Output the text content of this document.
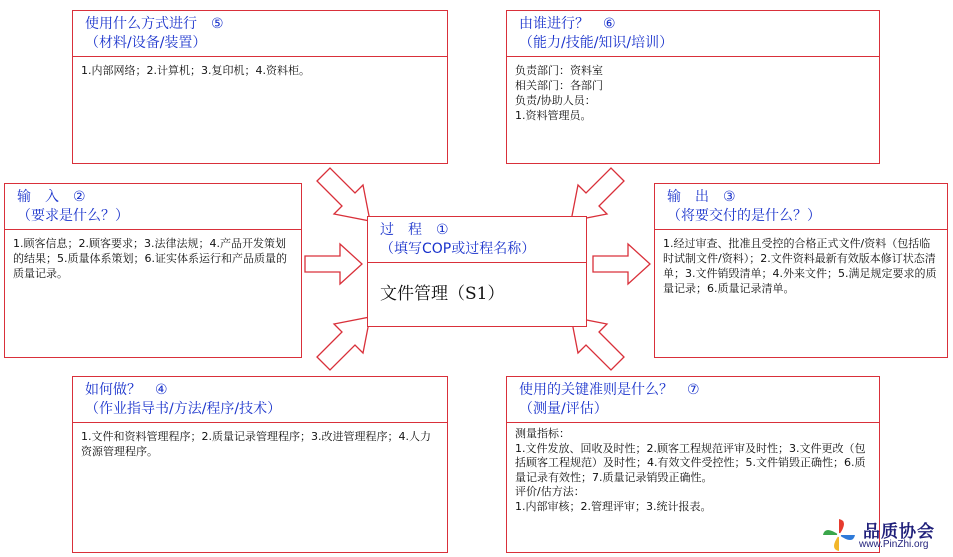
使用什么方式进行　⑤
（材料/设备/装置）
1.内部网络；2.计算机；3.复印机；4.资料柜。
由谁进行？　⑥
（能力/技能/知识/培训）
负责部门：资料室
相关部门：各部门
负责/协助人员：
1.资料管理员。
输　入　②
（要求是什么？）
1.顾客信息；2.顾客要求；3.法律法规；4.产品开发策划的结果；5.质量体系策划；6.证实体系运行和产品质量的质量记录。
过　程　①
（填写COP或过程名称）
文件管理（S1）
输　出　③
（将要交付的是什么？）
1.经过审查、批准且受控的合格正式文件/资料（包括临时试制文件/资料）；2.文件资料最新有效版本修订状态清单；3.文件销毁清单；4.外来文件；5.满足规定要求的质量记录；6.质量记录清单。
如何做？　④
（作业指导书/方法/程序/技术）
1.文件和资料管理程序；2.质量记录管理程序；3.改进管理程序；4.人力资源管理程序。
使用的关键准则是什么？　⑦
（测量/评估）
测量指标：
1.文件发放、回收及时性；2.顾客工程规范评审及时性；3.文件更改（包括顾客工程规范）及时性；4.有效文件受控性；5.文件销毁正确性；6.质量记录有效性；7.质量记录销毁正确性。
评价/估方法：
1.内部审核；2.管理评审；3.统计报表。
品质协会
www.PinZhi.org
